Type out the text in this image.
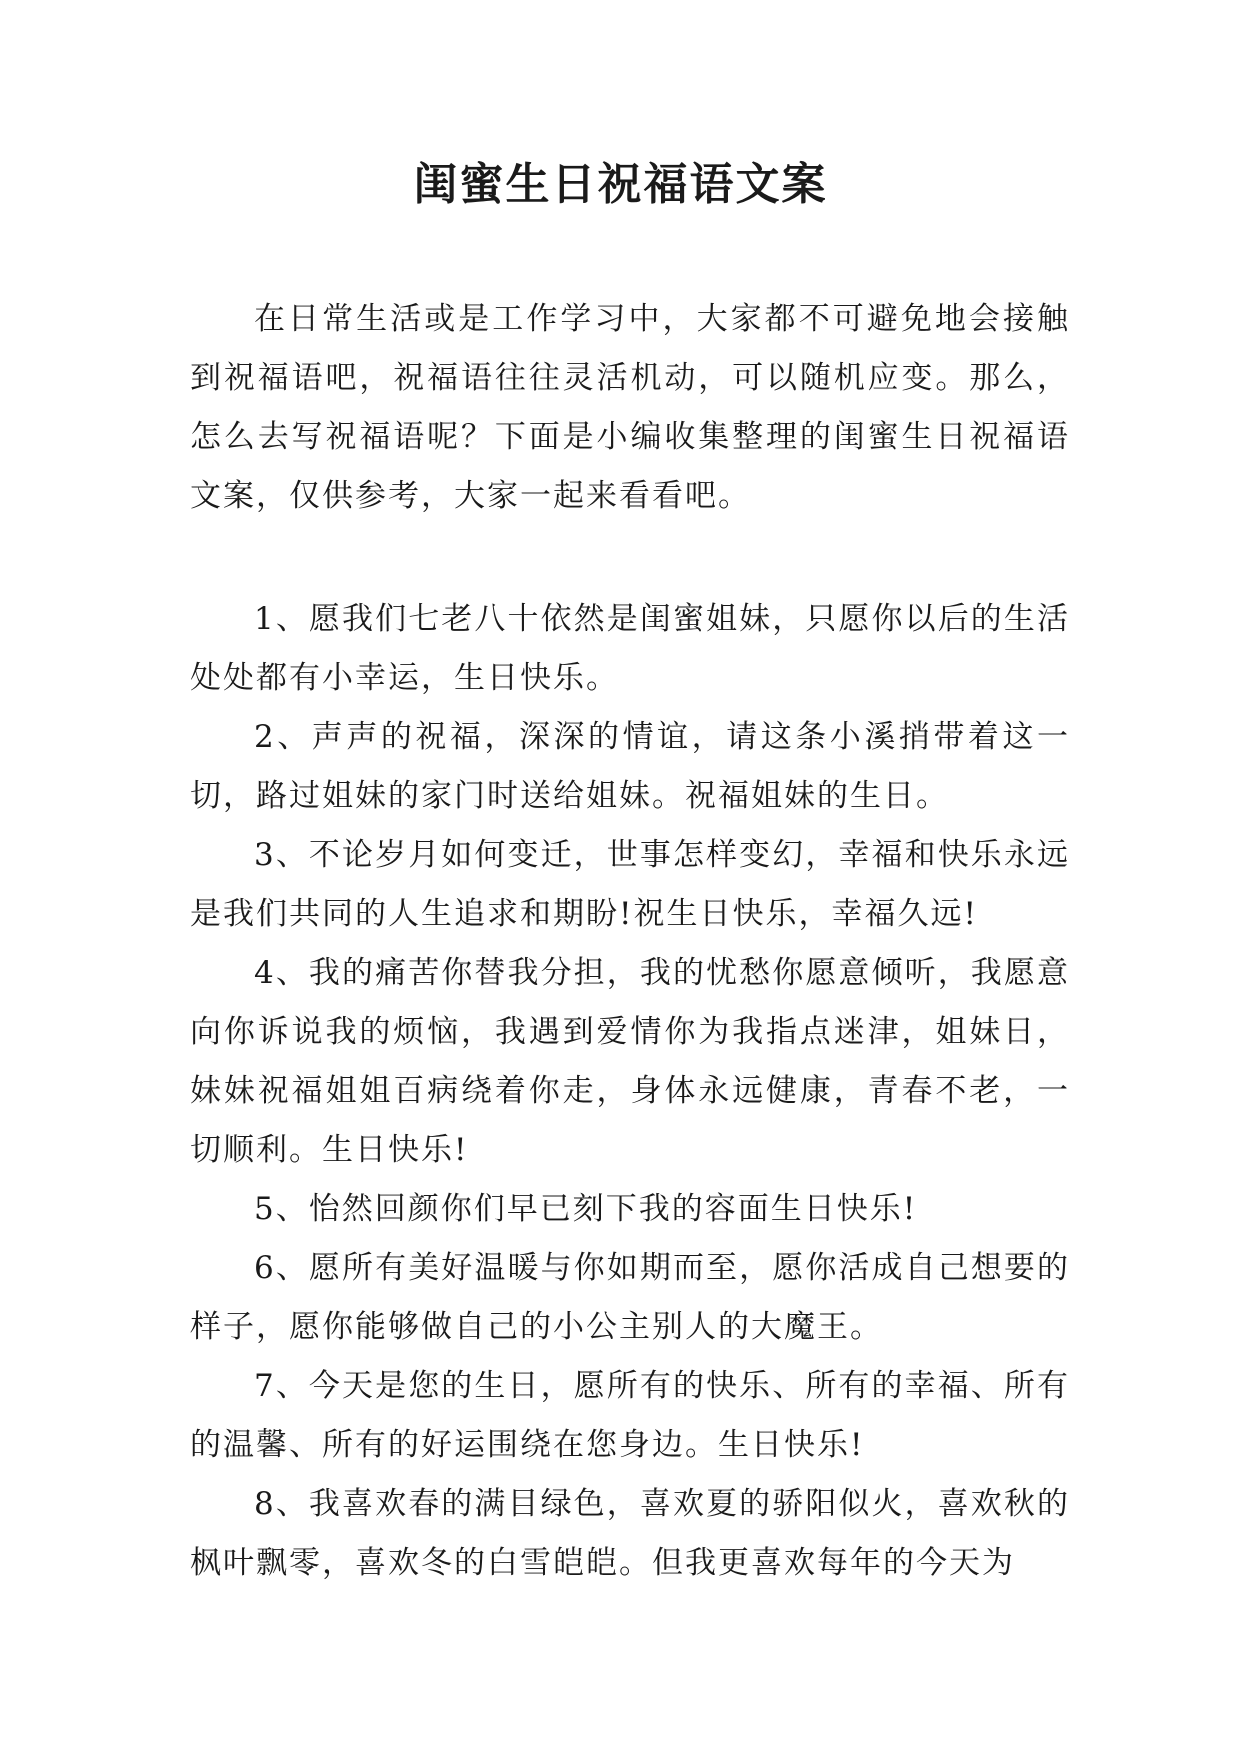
闺蜜生日祝福语文案

在日常生活或是工作学习中，大家都不可避免地会接触到祝福语吧，祝福语往往灵活机动，可以随机应变。那么，怎么去写祝福语呢？下面是小编收集整理的闺蜜生日祝福语文案，仅供参考，大家一起来看看吧。

1、愿我们七老八十依然是闺蜜姐妹，只愿你以后的生活处处都有小幸运，生日快乐。

2、声声的祝福，深深的情谊，请这条小溪捎带着这一切，路过姐妹的家门时送给姐妹。祝福姐妹的生日。

3、不论岁月如何变迁，世事怎样变幻，幸福和快乐永远是我们共同的人生追求和期盼!祝生日快乐，幸福久远!

4、我的痛苦你替我分担，我的忧愁你愿意倾听，我愿意向你诉说我的烦恼，我遇到爱情你为我指点迷津，姐妹日，妹妹祝福姐姐百病绕着你走，身体永远健康，青春不老，一切顺利。生日快乐!

5、怡然回颜你们早已刻下我的容面生日快乐!

6、愿所有美好温暖与你如期而至，愿你活成自己想要的样子，愿你能够做自己的小公主别人的大魔王。

7、今天是您的生日，愿所有的快乐、所有的幸福、所有的温馨、所有的好运围绕在您身边。生日快乐!

8、我喜欢春的满目绿色，喜欢夏的骄阳似火，喜欢秋的枫叶飘零，喜欢冬的白雪皑皑。但我更喜欢每年的今天为
